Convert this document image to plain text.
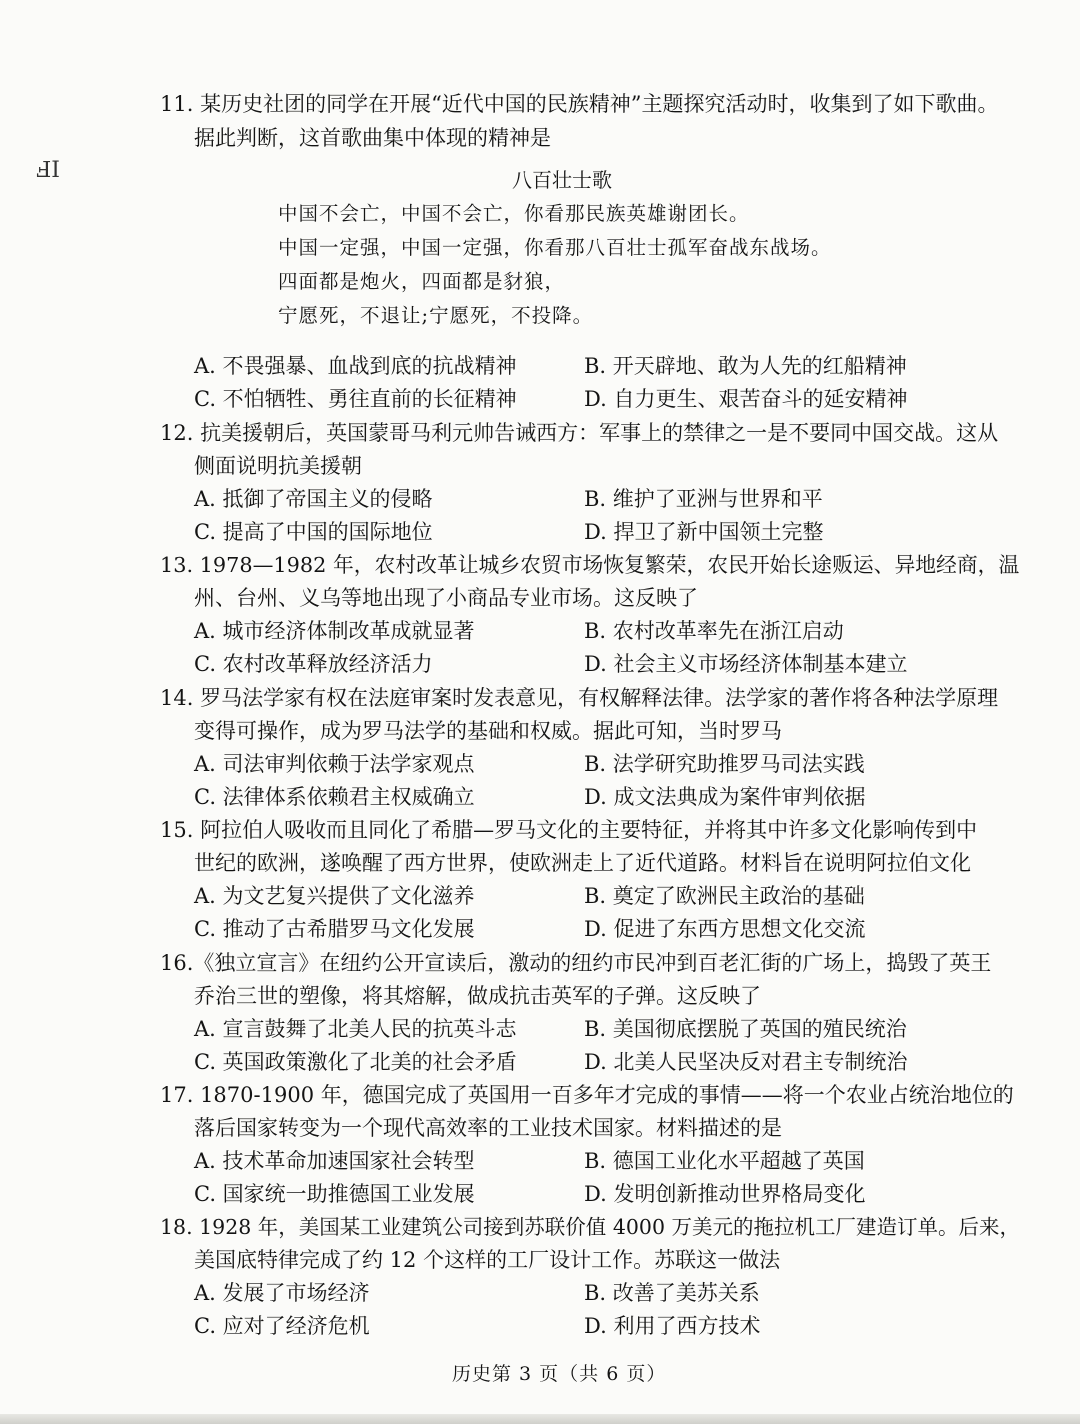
ℲⅠ
11. 某历史社团的同学在开展“近代中国的民族精神”主题探究活动时，收集到了如下歌曲。
据此判断，这首歌曲集中体现的精神是
八百壮士歌
中国不会亡，中国不会亡，你看那民族英雄谢团长。
中国一定强，中国一定强，你看那八百壮士孤军奋战东战场。
四面都是炮火，四面都是豺狼，
宁愿死，不退让;宁愿死，不投降。
A. 不畏强暴、血战到底的抗战精神	B. 开天辟地、敢为人先的红船精神
C. 不怕牺牲、勇往直前的长征精神	D. 自力更生、艰苦奋斗的延安精神
12. 抗美援朝后，英国蒙哥马利元帅告诫西方：军事上的禁律之一是不要同中国交战。这从
侧面说明抗美援朝
A. 抵御了帝国主义的侵略	B. 维护了亚洲与世界和平
C. 提高了中国的国际地位	D. 捍卫了新中国领土完整
13. 1978—1982 年，农村改革让城乡农贸市场恢复繁荣，农民开始长途贩运、异地经商，温
州、台州、义乌等地出现了小商品专业市场。这反映了
A. 城市经济体制改革成就显著	B. 农村改革率先在浙江启动
C. 农村改革释放经济活力	D. 社会主义市场经济体制基本建立
14. 罗马法学家有权在法庭审案时发表意见，有权解释法律。法学家的著作将各种法学原理
变得可操作，成为罗马法学的基础和权威。据此可知，当时罗马
A. 司法审判依赖于法学家观点	B. 法学研究助推罗马司法实践
C. 法律体系依赖君主权威确立	D. 成文法典成为案件审判依据
15. 阿拉伯人吸收而且同化了希腊—罗马文化的主要特征，并将其中许多文化影响传到中
世纪的欧洲，遂唤醒了西方世界，使欧洲走上了近代道路。材料旨在说明阿拉伯文化
A. 为文艺复兴提供了文化滋养	B. 奠定了欧洲民主政治的基础
C. 推动了古希腊罗马文化发展	D. 促进了东西方思想文化交流
16.《独立宣言》在纽约公开宣读后，激动的纽约市民冲到百老汇街的广场上，捣毁了英王
乔治三世的塑像，将其熔解，做成抗击英军的子弹。这反映了
A. 宣言鼓舞了北美人民的抗英斗志	B. 美国彻底摆脱了英国的殖民统治
C. 英国政策激化了北美的社会矛盾	D. 北美人民坚决反对君主专制统治
17. 1870-1900 年，德国完成了英国用一百多年才完成的事情——将一个农业占统治地位的
落后国家转变为一个现代高效率的工业技术国家。材料描述的是
A. 技术革命加速国家社会转型	B. 德国工业化水平超越了英国
C. 国家统一助推德国工业发展	D. 发明创新推动世界格局变化
18. 1928 年，美国某工业建筑公司接到苏联价值 4000 万美元的拖拉机工厂建造订单。后来，
美国底特律完成了约 12 个这样的工厂设计工作。苏联这一做法
A. 发展了市场经济	B. 改善了美苏关系
C. 应对了经济危机	D. 利用了西方技术
历史第 3 页（共 6 页）
